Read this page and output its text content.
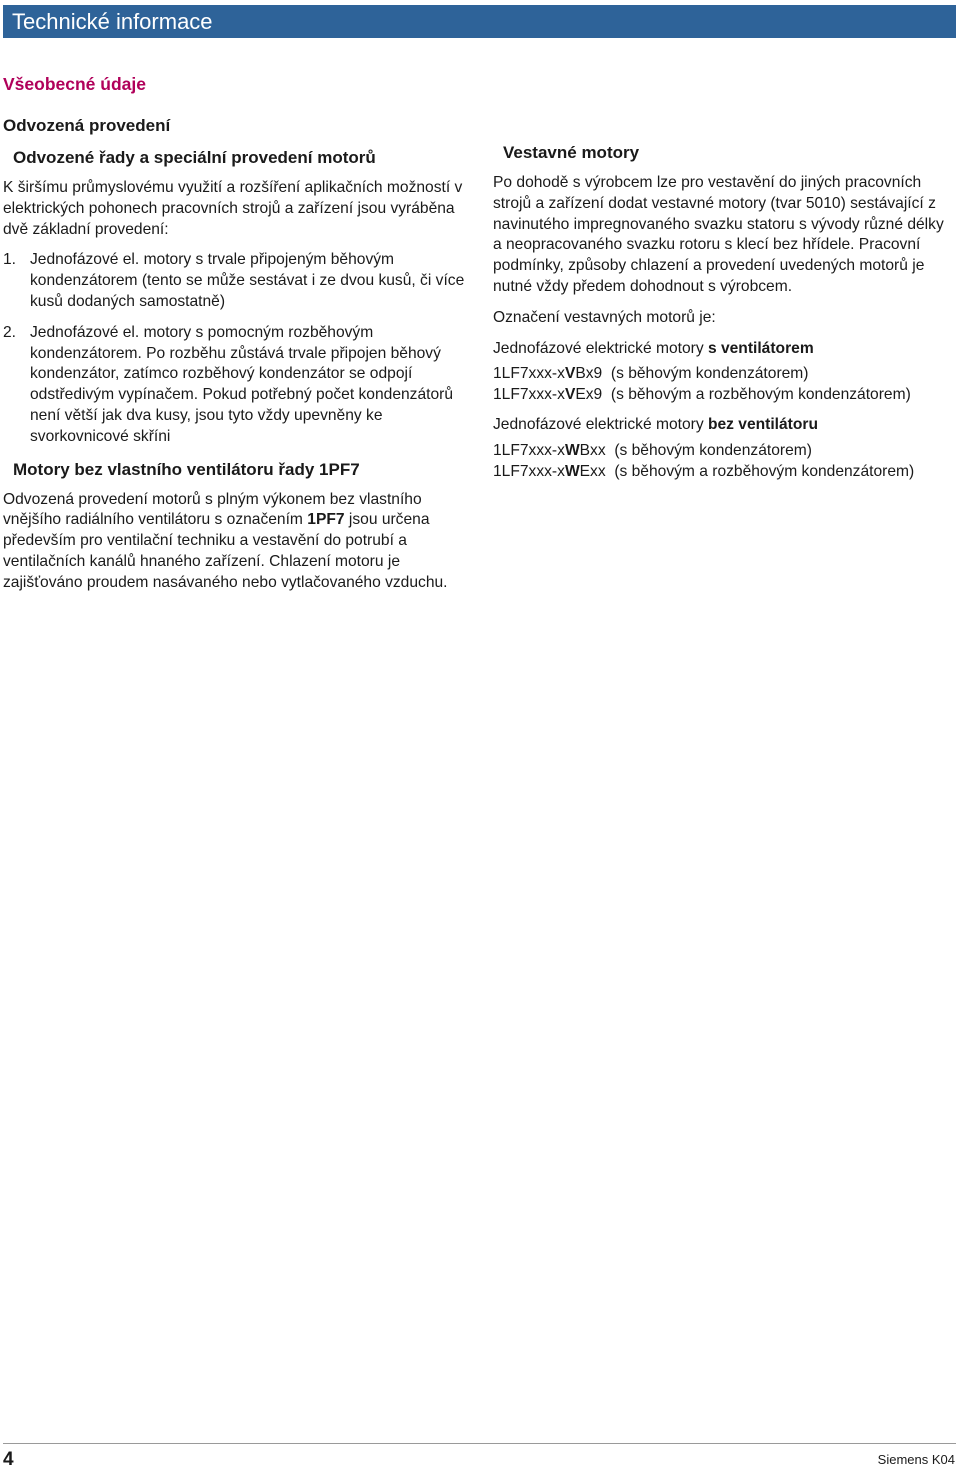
Technické informace
Všeobecné údaje
Odvozená provedení
Odvozené řady a speciální provedení motorů
K širšímu průmyslovému využití a rozšíření aplikačních možností v elektrických pohonech pracovních strojů a zařízení jsou vyráběna dvě základní provedení:
1. Jednofázové el. motory s trvale připojeným běhovým kondenzátorem (tento se může sestávat i ze dvou kusů, či více kusů dodaných samostatně)
2. Jednofázové el. motory s pomocným rozběhovým kondenzátorem. Po rozběhu zůstává trvale připojen běhový kondenzátor, zatímco rozběhový kondenzátor se odpojí odstředivým vypínačem. Pokud potřebný počet kondenzátorů není větší jak dva kusy, jsou tyto vždy upevněny ke svorkovnicové skříni
Motory bez vlastního ventilátoru řady 1PF7
Odvozená provedení motorů s plným výkonem bez vlastního vnějšího radiálního ventilátoru s označením 1PF7 jsou určena především pro ventilační techniku a vestavění do potrubí a ventilačních kanálů hnaného zařízení. Chlazení motoru je zajišťováno proudem nasávaného nebo vytlačovaného vzduchu.
Vestavné motory
Po dohodě s výrobcem lze pro vestavění do jiných pracovních strojů a zařízení dodat vestavné motory (tvar 5010) sestávající z navinutého impregnovaného svazku statoru s vývody různé délky a neopracovaného svazku rotoru s klecí bez hřídele. Pracovní podmínky, způsoby chlazení a provedení uvedených motorů je nutné vždy předem dohodnout s výrobcem.
Označení vestavných motorů je:
Jednofázové elektrické motory s ventilátorem
1LF7xxx-xVBx9  (s běhovým kondenzátorem)
1LF7xxx-xVEx9  (s běhovým a rozběhovým kondenzátorem)
Jednofázové elektrické motory bez ventilátoru
1LF7xxx-xWBxx  (s běhovým kondenzátorem)
1LF7xxx-xWExx  (s běhovým a rozběhovým kondenzátorem)
4	Siemens K04
